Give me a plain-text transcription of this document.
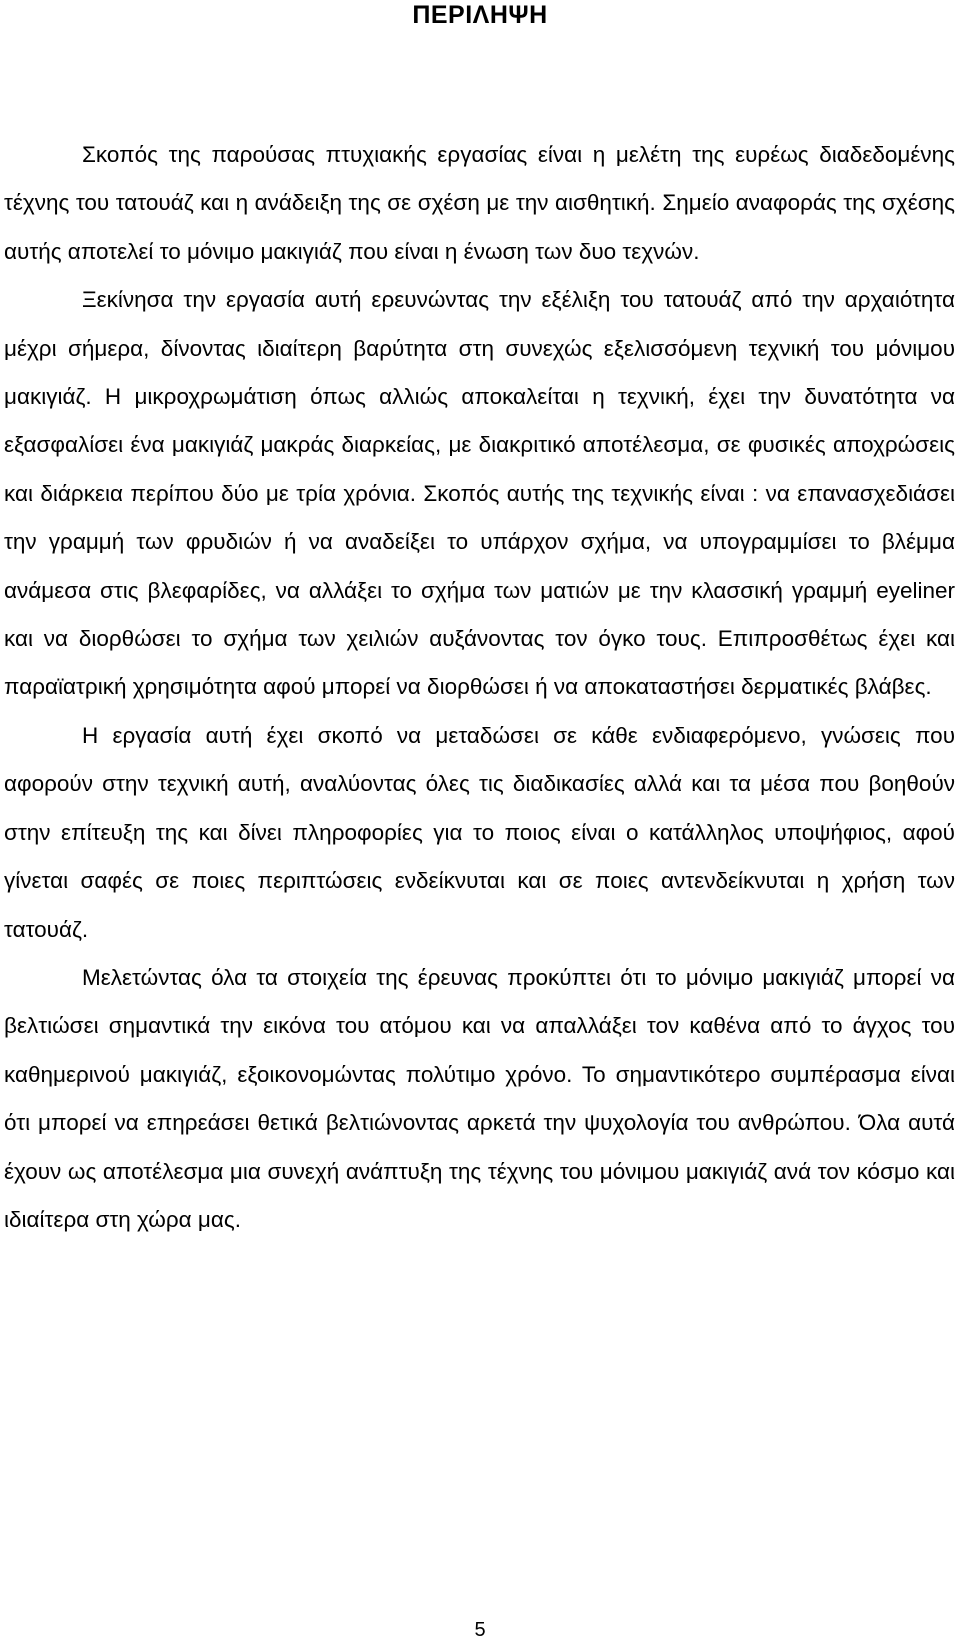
ΠΕΡΙΛΗΨΗ

Σκοπός της παρούσας πτυχιακής εργασίας είναι η μελέτη της ευρέως διαδεδομένης τέχνης του τατουάζ και η ανάδειξη της σε σχέση με την αισθητική. Σημείο αναφοράς της σχέσης αυτής αποτελεί το μόνιμο μακιγιάζ που είναι η ένωση των δυο τεχνών.

Ξεκίνησα την εργασία αυτή ερευνώντας την εξέλιξη του τατουάζ από την αρχαιότητα μέχρι σήμερα, δίνοντας ιδιαίτερη βαρύτητα στη συνεχώς εξελισσόμενη τεχνική του μόνιμου μακιγιάζ. Η μικροχρωμάτιση όπως αλλιώς αποκαλείται η τεχνική, έχει την δυνατότητα να εξασφαλίσει ένα μακιγιάζ μακράς διαρκείας, με διακριτικό αποτέλεσμα, σε φυσικές αποχρώσεις και διάρκεια περίπου δύο με τρία χρόνια. Σκοπός αυτής της τεχνικής είναι : να επανασχεδιάσει την γραμμή των φρυδιών ή να αναδείξει το υπάρχον σχήμα, να υπογραμμίσει το βλέμμα ανάμεσα στις βλεφαρίδες, να αλλάξει το σχήμα των ματιών με την κλασσική γραμμή eyeliner και να διορθώσει το σχήμα των χειλιών αυξάνοντας τον όγκο τους. Επιπροσθέτως έχει και παραϊατρική χρησιμότητα αφού μπορεί να διορθώσει ή να αποκαταστήσει δερματικές βλάβες.

Η εργασία αυτή έχει σκοπό να μεταδώσει σε κάθε ενδιαφερόμενο, γνώσεις που αφορούν στην τεχνική αυτή, αναλύοντας όλες τις διαδικασίες αλλά και τα μέσα που βοηθούν στην επίτευξη της και δίνει πληροφορίες για το ποιος είναι ο κατάλληλος υποψήφιος, αφού γίνεται σαφές σε ποιες περιπτώσεις ενδείκνυται και σε ποιες αντενδείκνυται η χρήση των τατουάζ.

Μελετώντας όλα τα στοιχεία της έρευνας προκύπτει ότι το μόνιμο μακιγιάζ μπορεί να βελτιώσει σημαντικά την εικόνα του ατόμου και να απαλλάξει τον καθένα από το άγχος του καθημερινού μακιγιάζ, εξοικονομώντας πολύτιμο χρόνο. Το σημαντικότερο συμπέρασμα είναι ότι μπορεί να επηρεάσει θετικά βελτιώνοντας αρκετά την ψυχολογία του ανθρώπου. Όλα αυτά έχουν ως αποτέλεσμα μια συνεχή ανάπτυξη της τέχνης του μόνιμου μακιγιάζ ανά τον κόσμο και ιδιαίτερα στη χώρα μας.

5
